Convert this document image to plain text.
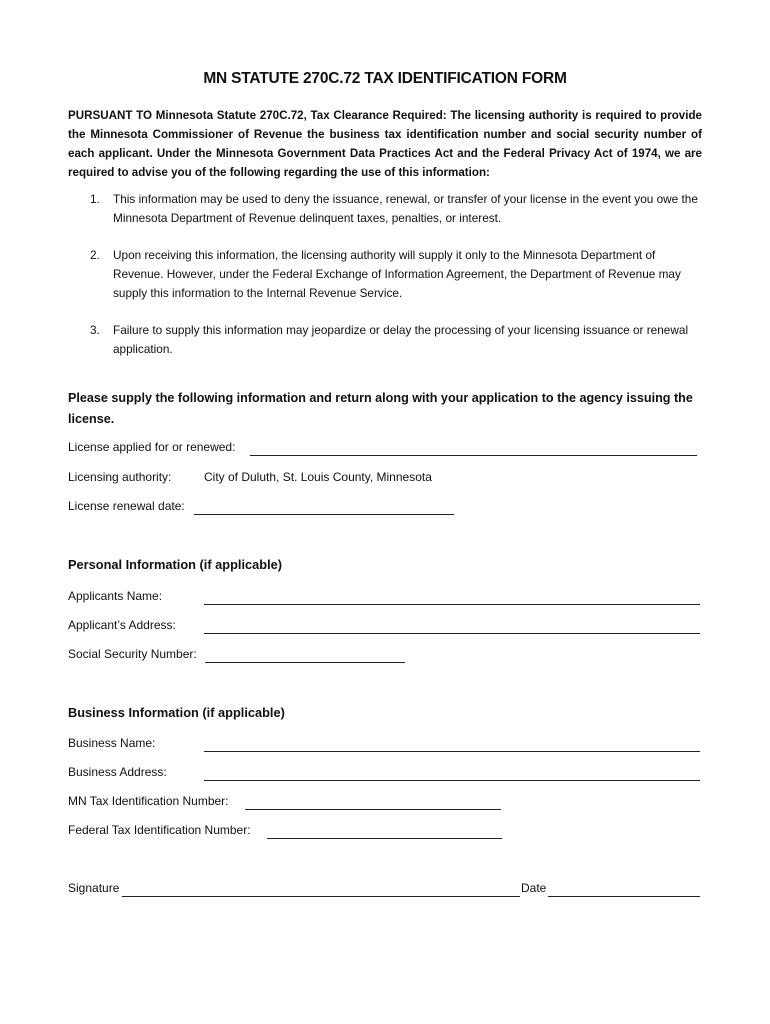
MN STATUTE 270C.72 TAX IDENTIFICATION FORM
PURSUANT TO Minnesota Statute 270C.72, Tax Clearance Required: The licensing authority is required to provide the Minnesota Commissioner of Revenue the business tax identification number and social security number of each applicant. Under the Minnesota Government Data Practices Act and the Federal Privacy Act of 1974, we are required to advise you of the following regarding the use of this information:
1. This information may be used to deny the issuance, renewal, or transfer of your license in the event you owe the Minnesota Department of Revenue delinquent taxes, penalties, or interest.
2. Upon receiving this information, the licensing authority will supply it only to the Minnesota Department of Revenue. However, under the Federal Exchange of Information Agreement, the Department of Revenue may supply this information to the Internal Revenue Service.
3. Failure to supply this information may jeopardize or delay the processing of your licensing issuance or renewal application.
Please supply the following information and return along with your application to the agency issuing the license.
License applied for or renewed:
Licensing authority:	City of Duluth, St. Louis County, Minnesota
License renewal date:
Personal Information (if applicable)
Applicants Name:
Applicant’s Address:
Social Security Number:
Business Information (if applicable)
Business Name:
Business Address:
MN Tax Identification Number:
Federal Tax Identification Number:
Signature	Date
